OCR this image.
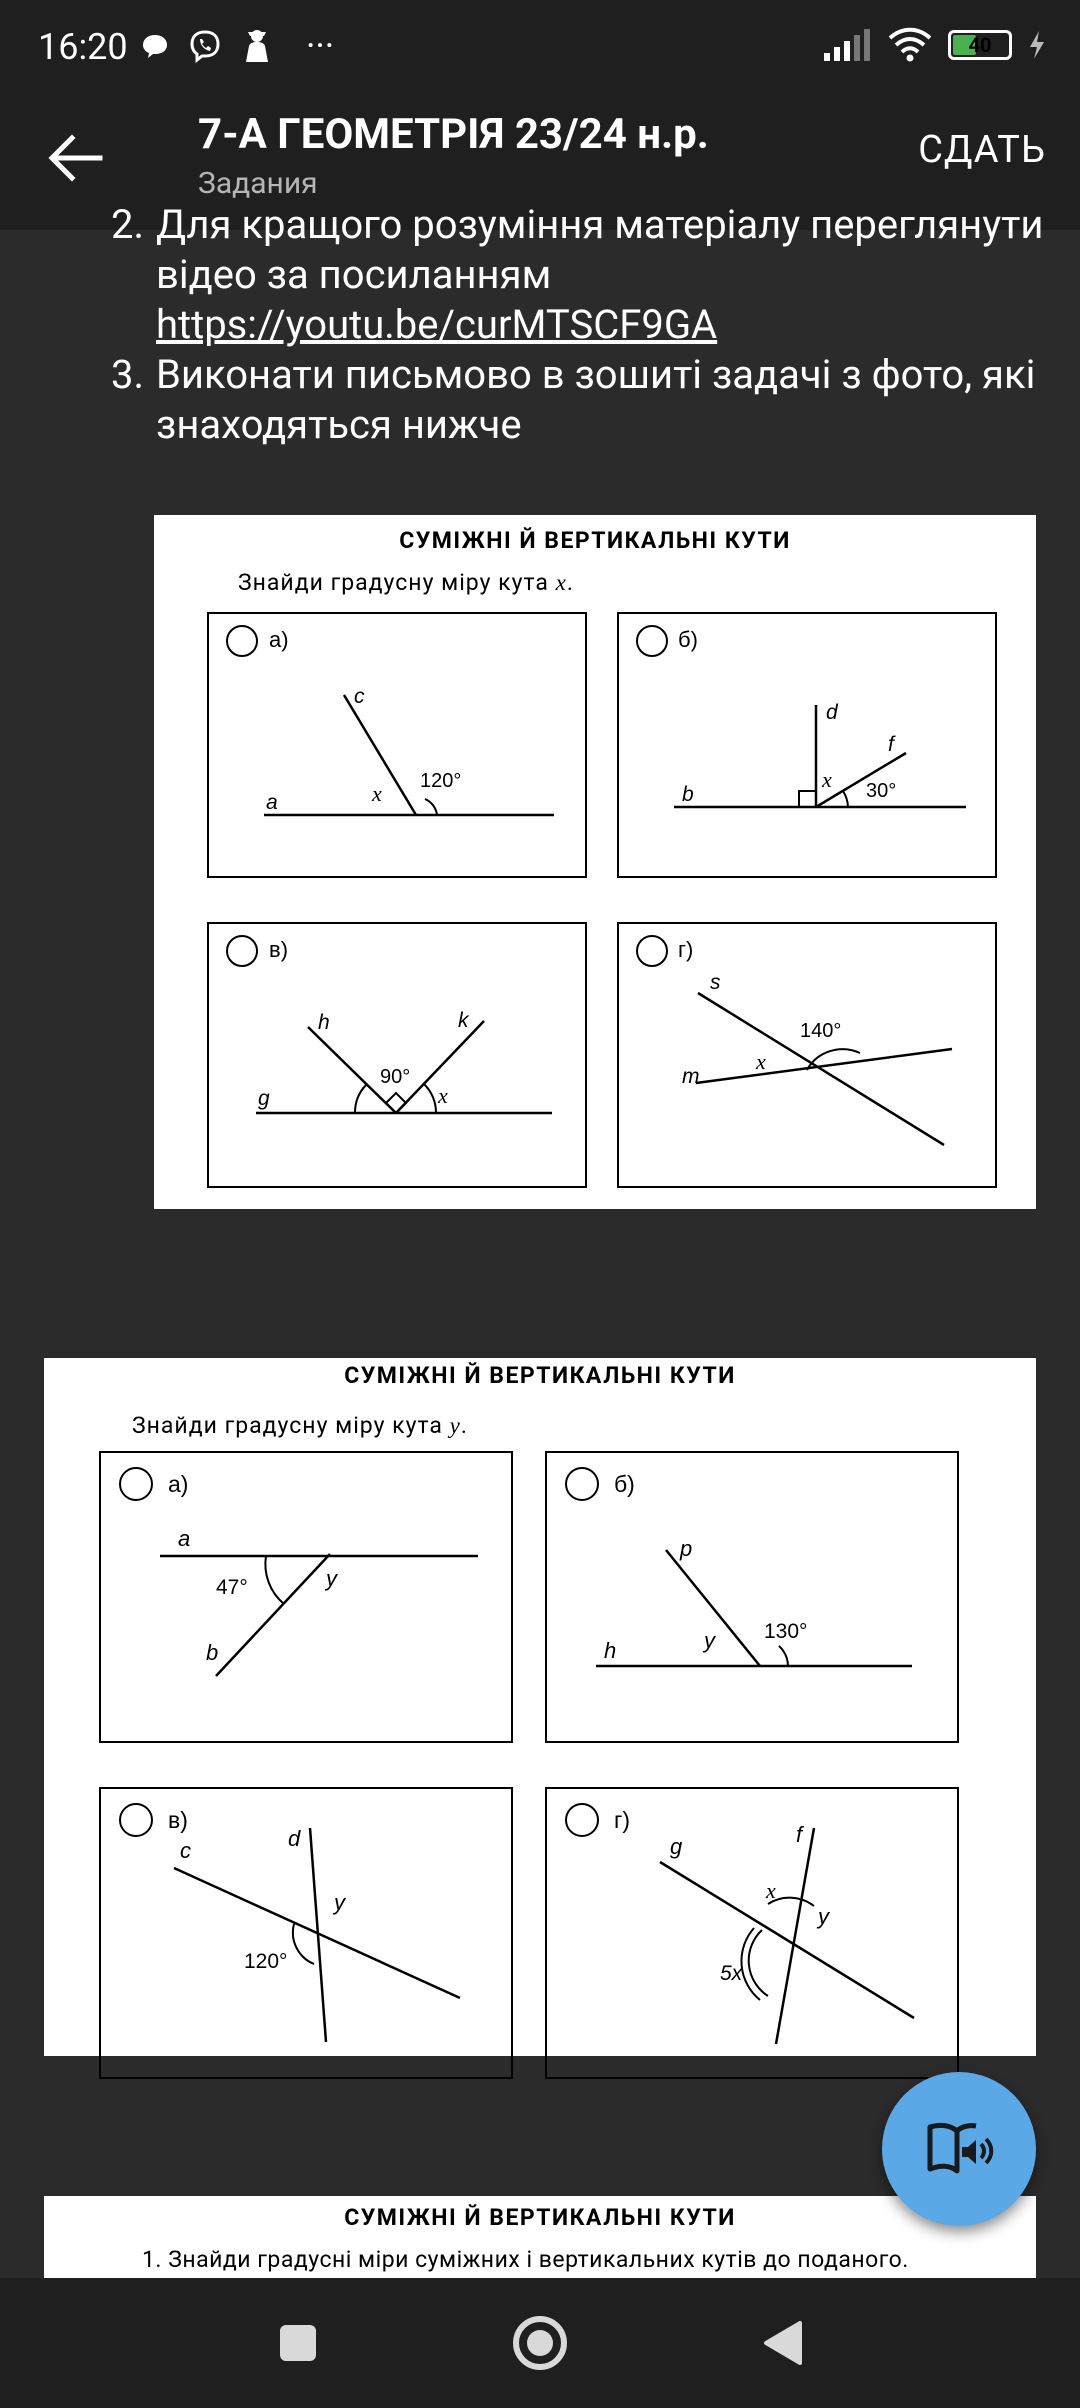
16:20	···	40
7-А ГЕОМЕТРІЯ 23/24 н.р.
Задания
СДАТЬ
2. Для кращого розуміння матеріалу переглянути відео за посиланням https://youtu.be/curMTSCF9GA
3. Виконати письмово в зошиті задачі з фото, які знаходяться нижче
СУМІЖНІ Й ВЕРТИКАЛЬНІ КУТИ
Знайди градусну міру кута x.
а)
a
c
120°
x
б)
b
d
f
30°
x
в)
g
h	k
90°
x
г)
s
m
140°
x
СУМІЖНІ Й ВЕРТИКАЛЬНІ КУТИ
Знайди градусну міру кута y.
а)
a
b
47°	y
б)
p
h
130°
y
в)
c	d
120°
y
г)
g	f
5x
x
y
СУМІЖНІ Й ВЕРТИКАЛЬНІ КУТИ
1. Знайди градусні міри суміжних і вертикальних кутів до поданого.
